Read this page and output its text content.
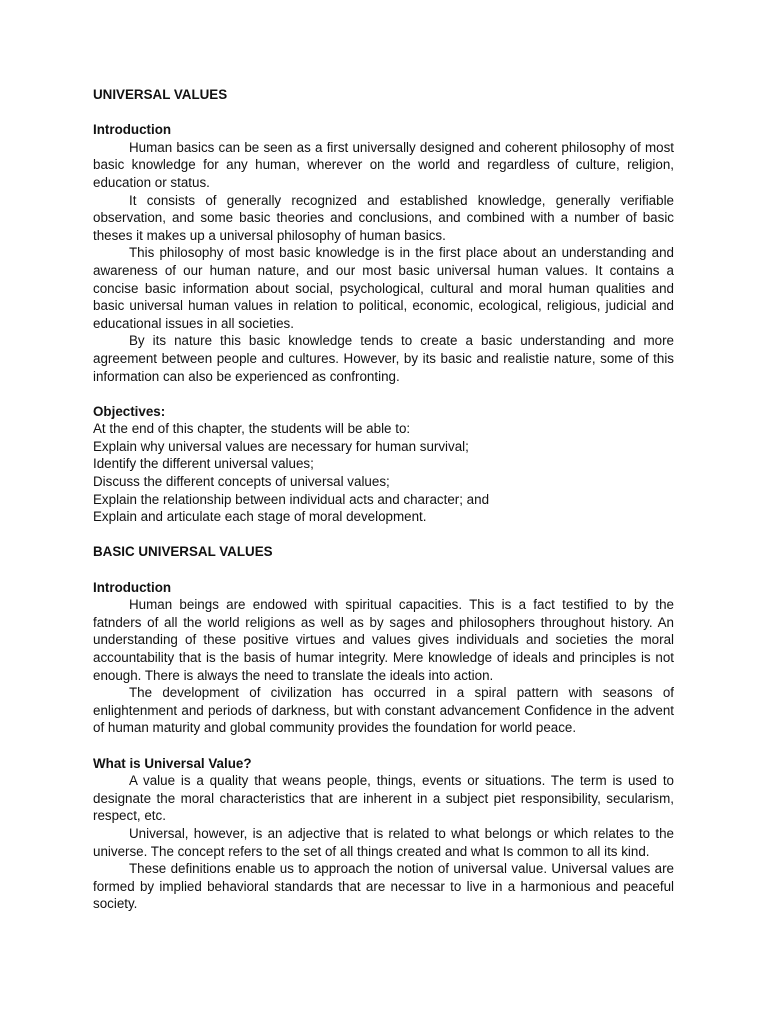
UNIVERSAL VALUES

Introduction

Human basics can be seen as a first universally designed and coherent philosophy of most basic knowledge for any human, wherever on the world and regardless of culture, religion, education or status.

It consists of generally recognized and established knowledge, generally verifiable observation, and some basic theories and conclusions, and combined with a number of basic theses it makes up a universal philosophy of human basics.

This philosophy of most basic knowledge is in the first place about an understanding and awareness of our human nature, and our most basic universal human values. It contains a concise basic information about social, psychological, cultural and moral human qualities and basic universal human values in relation to political, economic, ecological, religious, judicial and educational issues in all societies.

By its nature this basic knowledge tends to create a basic understanding and more agreement between people and cultures. However, by its basic and realistie nature, some of this information can also be experienced as confronting.

Objectives:

At the end of this chapter, the students will be able to:

Explain why universal values are necessary for human survival;

Identify the different universal values;

Discuss the different concepts of universal values;

Explain the relationship between individual acts and character; and

Explain and articulate each stage of moral development.

BASIC UNIVERSAL VALUES

Introduction

Human beings are endowed with spiritual capacities. This is a fact testified to by the fatnders of all the world religions as well as by sages and philosophers throughout history. An understanding of these positive virtues and values gives individuals and societies the moral accountability that is the basis of humar integrity. Mere knowledge of ideals and principles is not enough. There is always the need to translate the ideals into action.

The development of civilization has occurred in a spiral pattern with seasons of enlightenment and periods of darkness, but with constant advancement Confidence in the advent of human maturity and global community provides the foundation for world peace.

What is Universal Value?

A value is a quality that weans people, things, events or situations. The term is used to designate the moral characteristics that are inherent in a subject piet responsibility, secularism, respect, etc.

Universal, however, is an adjective that is related to what belongs or which relates to the universe. The concept refers to the set of all things created and what Is common to all its kind.

These definitions enable us to approach the notion of universal value. Universal values are formed by implied behavioral standards that are necessar to live in a harmonious and peaceful society.
